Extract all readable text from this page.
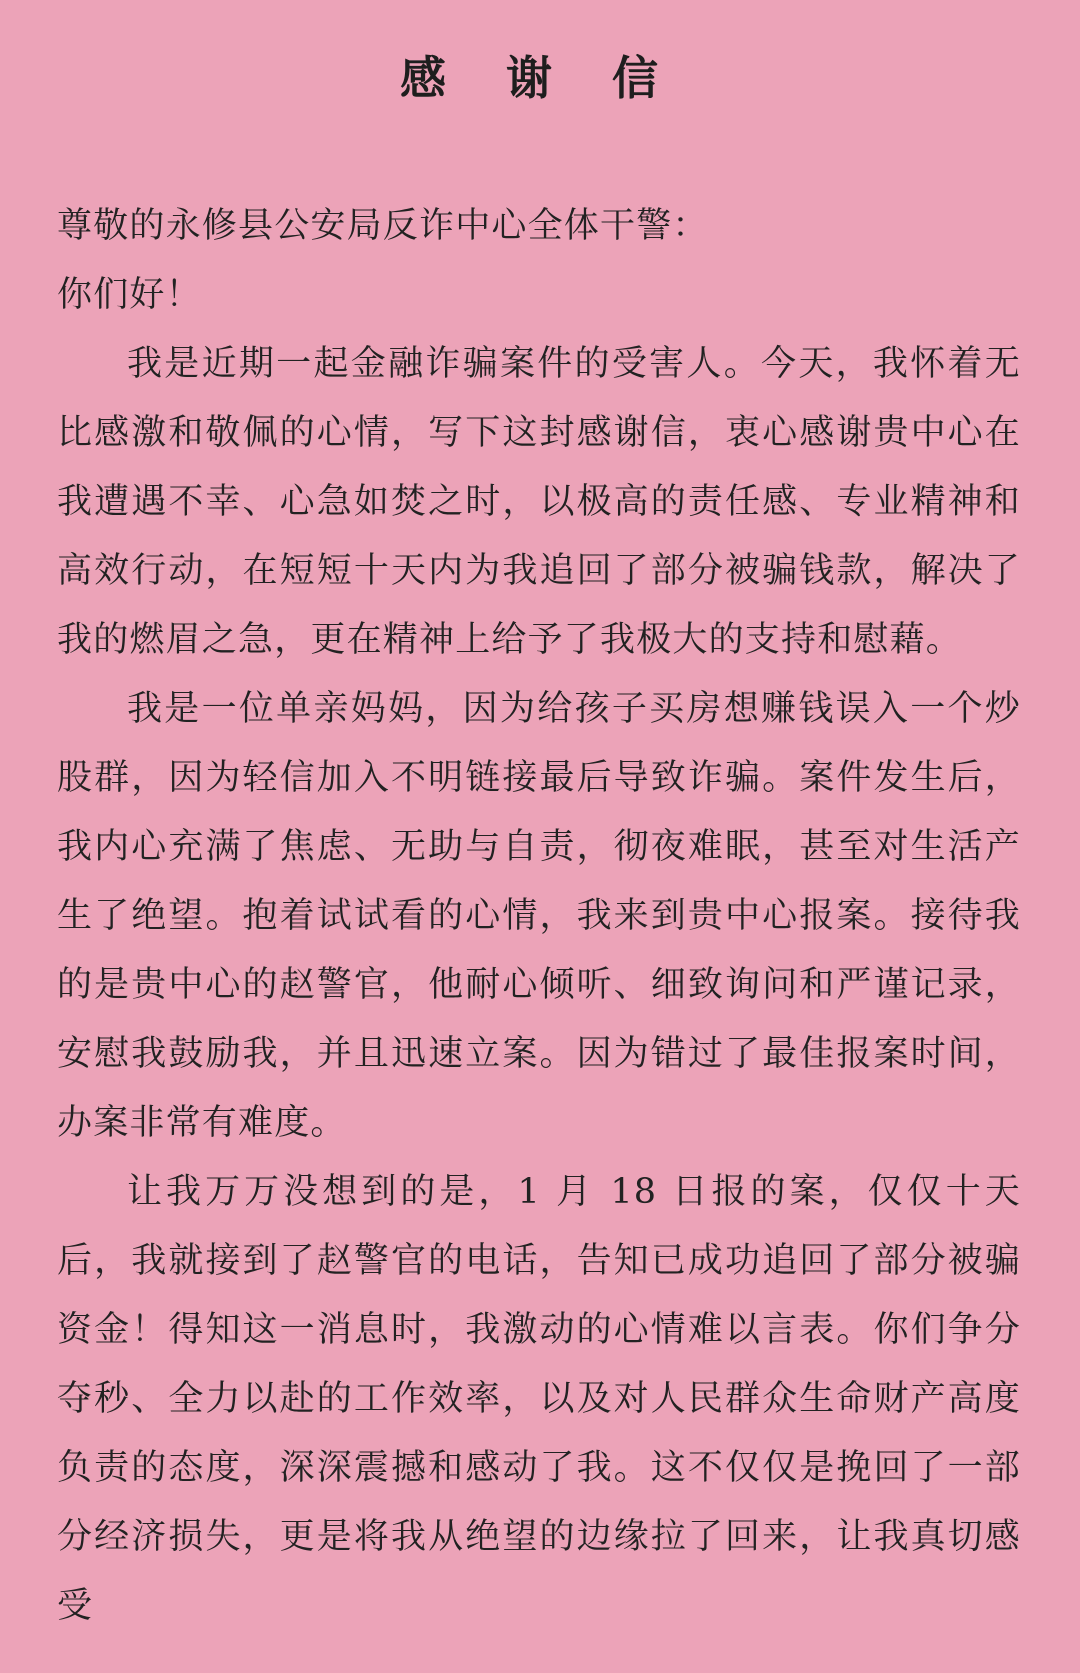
感 谢 信

尊敬的永修县公安局反诈中心全体干警：

你们好！

我是近期一起金融诈骗案件的受害人。今天，我怀着无比感激和敬佩的心情，写下这封感谢信，衷心感谢贵中心在我遭遇不幸、心急如焚之时，以极高的责任感、专业精神和高效行动，在短短十天内为我追回了部分被骗钱款，解决了我的燃眉之急，更在精神上给予了我极大的支持和慰藉。

我是一位单亲妈妈，因为给孩子买房想赚钱误入一个炒股群，因为轻信加入不明链接最后导致诈骗。案件发生后，我内心充满了焦虑、无助与自责，彻夜难眠，甚至对生活产生了绝望。抱着试试看的心情，我来到贵中心报案。接待我的是贵中心的赵警官，他耐心倾听、细致询问和严谨记录，安慰我鼓励我，并且迅速立案。因为错过了最佳报案时间，办案非常有难度。

让我万万没想到的是，1 月 18 日报的案，仅仅十天后，我就接到了赵警官的电话，告知已成功追回了部分被骗资金！得知这一消息时，我激动的心情难以言表。你们争分夺秒、全力以赴的工作效率，以及对人民群众生命财产高度负责的态度，深深震撼和感动了我。这不仅仅是挽回了一部分经济损失，更是将我从绝望的边缘拉了回来，让我真切感受
